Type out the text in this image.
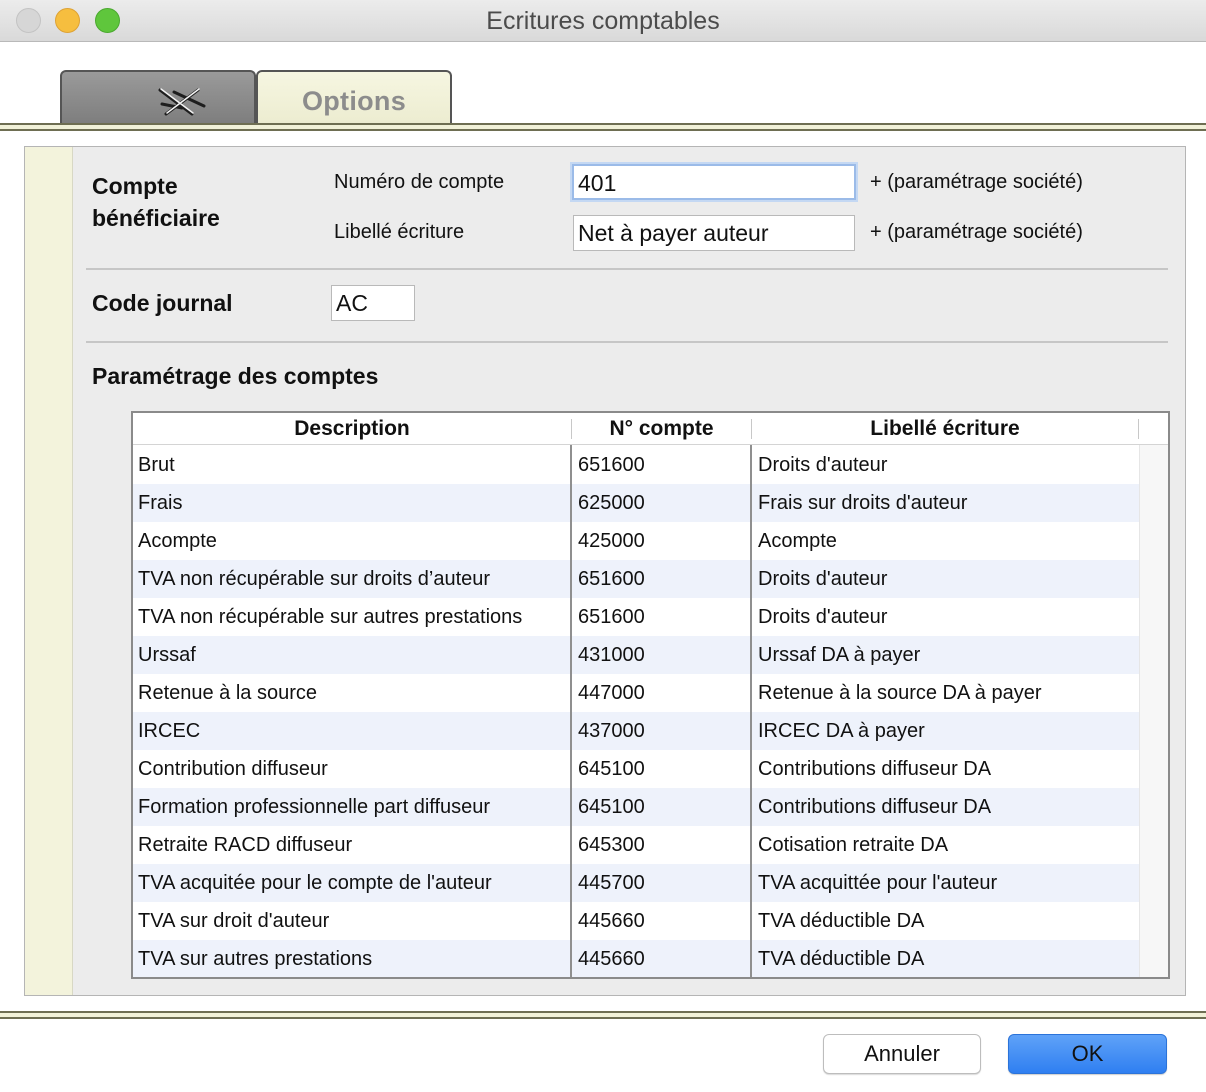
Ecritures comptables
Options
Compte bénéficiaire
Numéro de compte	401	+ (paramétrage société)
Libellé écriture	Net à payer auteur	+ (paramétrage société)
Code journal	AC
Paramétrage des comptes
Description	N° compte	Libellé écriture
Brut	651600	Droits d'auteur
Frais	625000	Frais sur droits d'auteur
Acompte	425000	Acompte
TVA non récupérable sur droits d’auteur	651600	Droits d'auteur
TVA non récupérable sur autres prestations	651600	Droits d'auteur
Urssaf	431000	Urssaf DA à payer
Retenue à la source	447000	Retenue à la source DA à payer
IRCEC	437000	IRCEC DA à payer
Contribution diffuseur	645100	Contributions diffuseur DA
Formation professionnelle part diffuseur	645100	Contributions diffuseur DA
Retraite RACD diffuseur	645300	Cotisation retraite DA
TVA acquitée pour le compte de l'auteur	445700	TVA acquittée pour l'auteur
TVA sur droit d'auteur	445660	TVA déductible DA
TVA sur autres prestations	445660	TVA déductible DA
Annuler	OK
